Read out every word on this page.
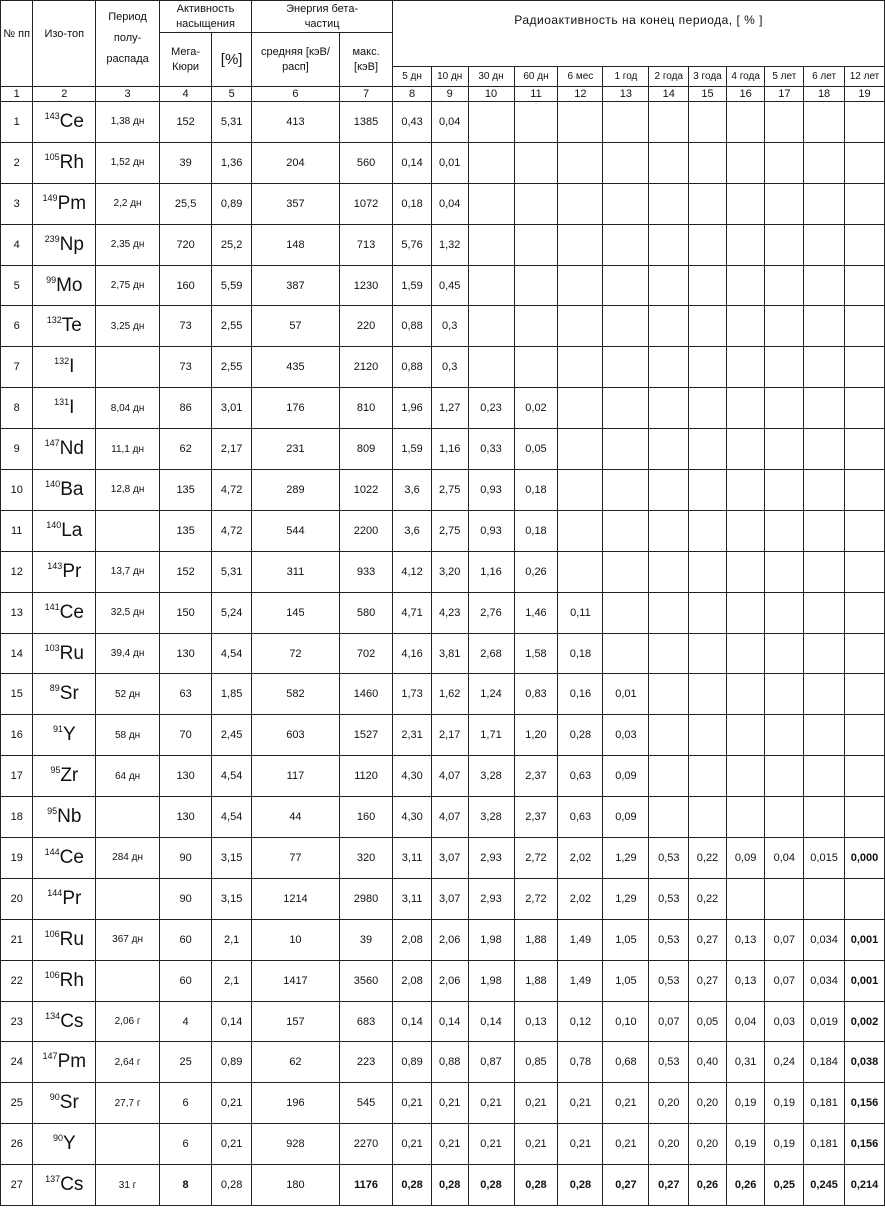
№ пп	Изо-топ	Период полу-распада	Активность насыщения		Энергия бета-частиц		Радиоактивность на конец периода, [ % ]											
			Мега-Кюри	[%]	средняя [кэВ/расп]	макс. [кэВ]												
							5 дн	10 дн	30 дн	60 дн	6 мес	1 год	2 года	3 года	4 года	5 лет	6 лет	12 лет
1	2	3	4	5	6	7	8	9	10	11	12	13	14	15	16	17	18	19
1	$^{143}$Ce	1,38 дн	152	5,31	413	1385	0,43	0,04										
2	$^{105}$Rh	1,52 дн	39	1,36	204	560	0,14	0,01										
3	$^{149}$Pm	2,2 дн	25,5	0,89	357	1072	0,18	0,04										
4	$^{239}$Np	2,35 дн	720	25,2	148	713	5,76	1,32										
5	$^{99}$Mo	2,75 дн	160	5,59	387	1230	1,59	0,45										
6	$^{132}$Te	3,25 дн	73	2,55	57	220	0,88	0,3										
7	$^{132}$I		73	2,55	435	2120	0,88	0,3										
8	$^{131}$I	8,04 дн	86	3,01	176	810	1,96	1,27	0,23	0,02								
9	$^{147}$Nd	11,1 дн	62	2,17	231	809	1,59	1,16	0,33	0,05								
10	$^{140}$Ba	12,8 дн	135	4,72	289	1022	3,6	2,75	0,93	0,18								
11	$^{140}$La		135	4,72	544	2200	3,6	2,75	0,93	0,18								
12	$^{143}$Pr	13,7 дн	152	5,31	311	933	4,12	3,20	1,16	0,26								
13	$^{141}$Ce	32,5 дн	150	5,24	145	580	4,71	4,23	2,76	1,46	0,11							
14	$^{103}$Ru	39,4 дн	130	4,54	72	702	4,16	3,81	2,68	1,58	0,18							
15	$^{89}$Sr	52 дн	63	1,85	582	1460	1,73	1,62	1,24	0,83	0,16	0,01						
16	$^{91}$Y	58 дн	70	2,45	603	1527	2,31	2,17	1,71	1,20	0,28	0,03						
17	$^{95}$Zr	64 дн	130	4,54	117	1120	4,30	4,07	3,28	2,37	0,63	0,09						
18	$^{95}$Nb		130	4,54	44	160	4,30	4,07	3,28	2,37	0,63	0,09						
19	$^{144}$Ce	284 дн	90	3,15	77	320	3,11	3,07	2,93	2,72	2,02	1,29	0,53	0,22	0,09	0,04	0,015	0,000
20	$^{144}$Pr		90	3,15	1214	2980	3,11	3,07	2,93	2,72	2,02	1,29	0,53	0,22				
21	$^{106}$Ru	367 дн	60	2,1	10	39	2,08	2,06	1,98	1,88	1,49	1,05	0,53	0,27	0,13	0,07	0,034	0,001
22	$^{106}$Rh		60	2,1	1417	3560	2,08	2,06	1,98	1,88	1,49	1,05	0,53	0,27	0,13	0,07	0,034	0,001
23	$^{134}$Cs	2,06 г	4	0,14	157	683	0,14	0,14	0,14	0,13	0,12	0,10	0,07	0,05	0,04	0,03	0,019	0,002
24	$^{147}$Pm	2,64 г	25	0,89	62	223	0,89	0,88	0,87	0,85	0,78	0,68	0,53	0,40	0,31	0,24	0,184	0,038
25	$^{90}$Sr	27,7 г	6	0,21	196	545	0,21	0,21	0,21	0,21	0,21	0,21	0,20	0,20	0,19	0,19	0,181	0,156
26	$^{90}$Y		6	0,21	928	2270	0,21	0,21	0,21	0,21	0,21	0,21	0,20	0,20	0,19	0,19	0,181	0,156
27	$^{137}$Cs	31 г	8	0,28	180	1176	0,28	0,28	0,28	0,28	0,28	0,27	0,27	0,26	0,26	0,25	0,245	0,214
